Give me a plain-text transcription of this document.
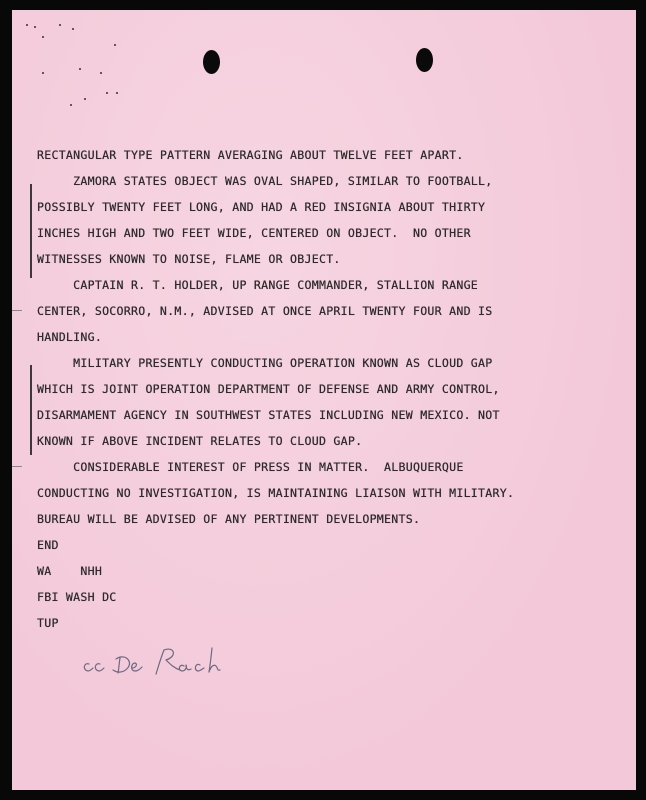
RECTANGULAR TYPE PATTERN AVERAGING ABOUT TWELVE FEET APART.

ZAMORA STATES OBJECT WAS OVAL SHAPED, SIMILAR TO FOOTBALL,

POSSIBLY TWENTY FEET LONG, AND HAD A RED INSIGNIA ABOUT THIRTY

INCHES HIGH AND TWO FEET WIDE, CENTERED ON OBJECT.  NO OTHER

WITNESSES KNOWN TO NOISE, FLAME OR OBJECT.

CAPTAIN R. T. HOLDER, UP RANGE COMMANDER, STALLION RANGE

CENTER, SOCORRO, N.M., ADVISED AT ONCE APRIL TWENTY FOUR AND IS

HANDLING.

MILITARY PRESENTLY CONDUCTING OPERATION KNOWN AS CLOUD GAP

WHICH IS JOINT OPERATION DEPARTMENT OF DEFENSE AND ARMY CONTROL,

DISARMAMENT AGENCY IN SOUTHWEST STATES INCLUDING NEW MEXICO. NOT

KNOWN IF ABOVE INCIDENT RELATES TO CLOUD GAP.

CONSIDERABLE INTEREST OF PRESS IN MATTER.  ALBUQUERQUE

CONDUCTING NO INVESTIGATION, IS MAINTAINING LIAISON WITH MILITARY.

BUREAU WILL BE ADVISED OF ANY PERTINENT DEVELOPMENTS.

END

WA    NHH

FBI WASH DC

TUP
